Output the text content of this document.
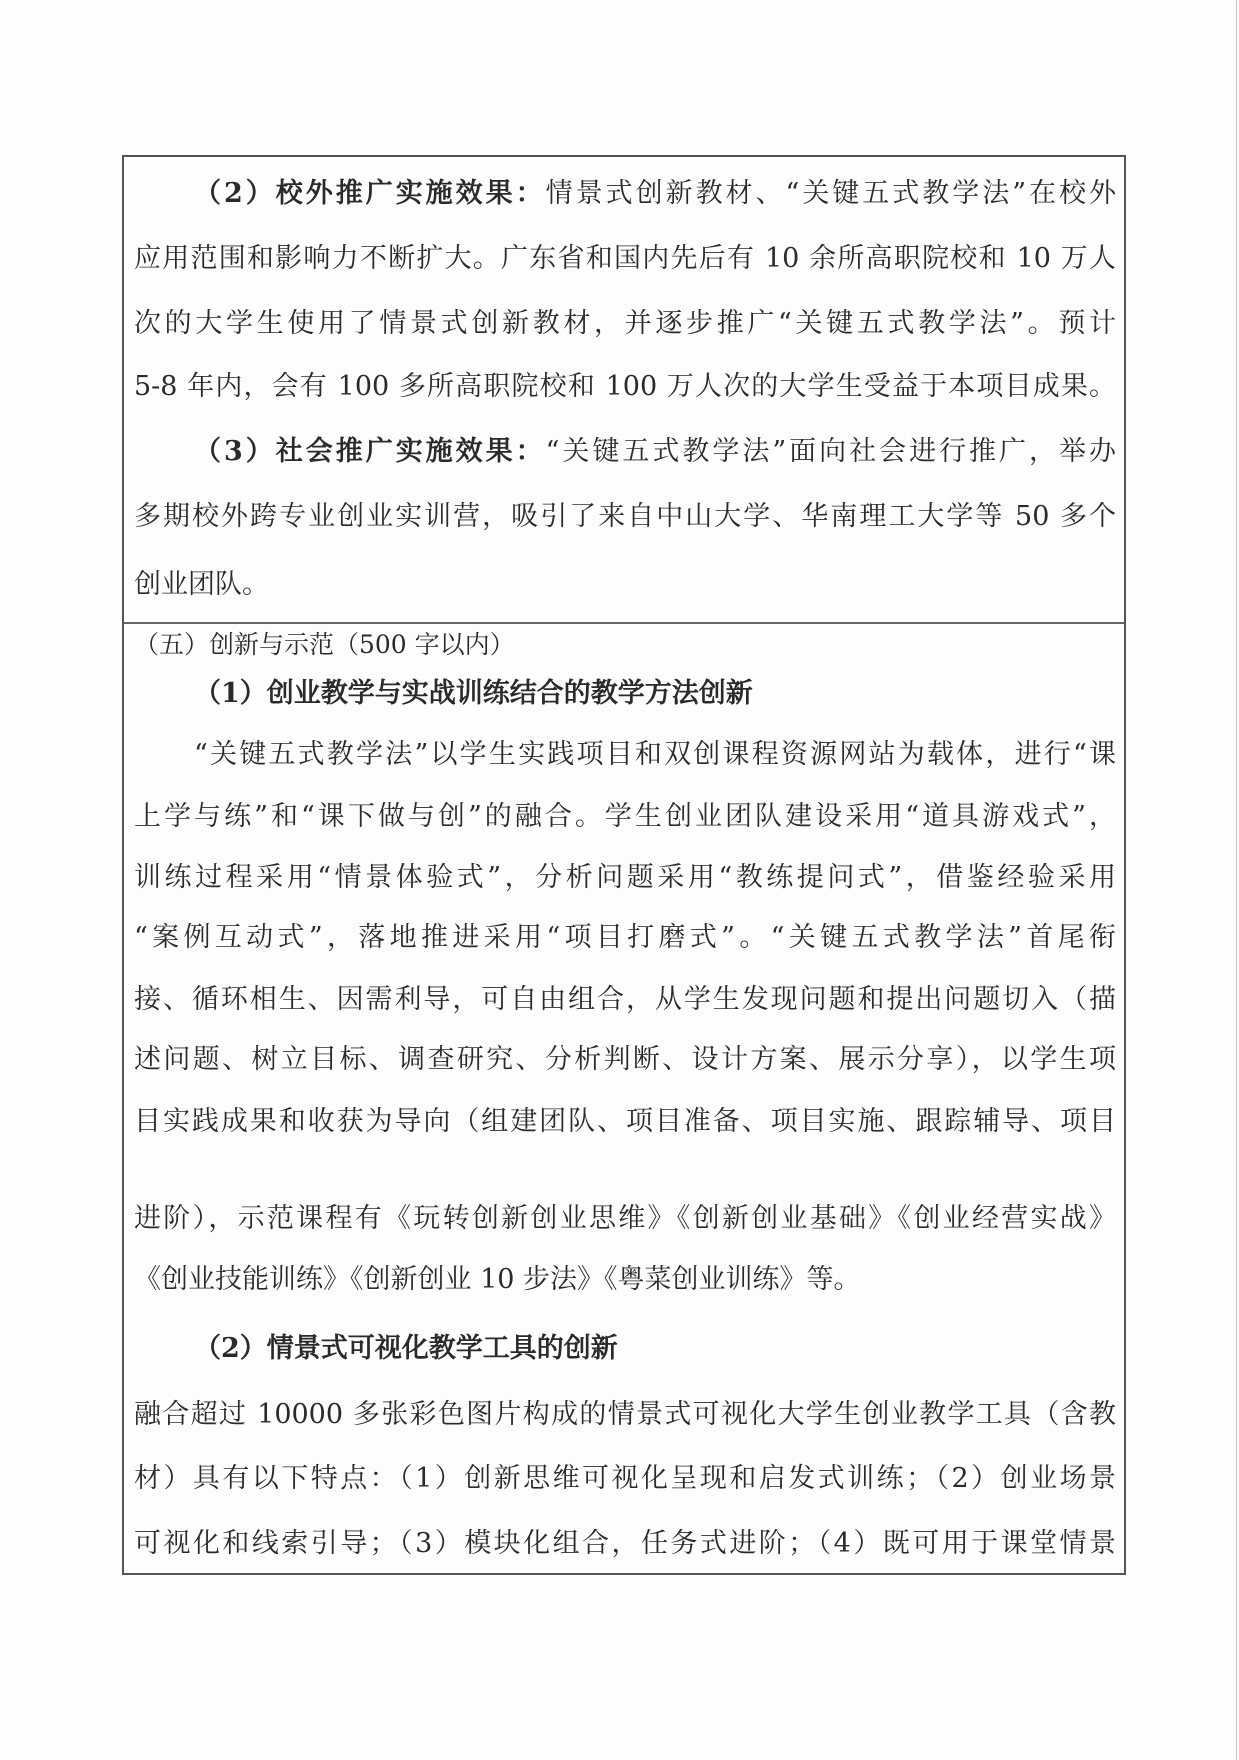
（2）校外推广实施效果：情景式创新教材、“关键五式教学法”在校外
应用范围和影响力不断扩大。广东省和国内先后有 10 余所高职院校和 10 万人
次的大学生使用了情景式创新教材，并逐步推广“关键五式教学法”。预计
5-8 年内，会有 100 多所高职院校和 100 万人次的大学生受益于本项目成果。
（3）社会推广实施效果：“关键五式教学法”面向社会进行推广，举办
多期校外跨专业创业实训营，吸引了来自中山大学、华南理工大学等 50 多个
创业团队。
（五）创新与示范（500 字以内）
（1）创业教学与实战训练结合的教学方法创新
“关键五式教学法”以学生实践项目和双创课程资源网站为载体，进行“课
上学与练”和“课下做与创”的融合。学生创业团队建设采用“道具游戏式”，
训练过程采用“情景体验式”，分析问题采用“教练提问式”，借鉴经验采用
“案例互动式”，落地推进采用“项目打磨式”。“关键五式教学法”首尾衔
接、循环相生、因需利导，可自由组合，从学生发现问题和提出问题切入（描
述问题、树立目标、调查研究、分析判断、设计方案、展示分享），以学生项
目实践成果和收获为导向（组建团队、项目准备、项目实施、跟踪辅导、项目
进阶），示范课程有《玩转创新创业思维》《创新创业基础》《创业经营实战》
《创业技能训练》《创新创业 10 步法》《粤菜创业训练》等。
（2）情景式可视化教学工具的创新
融合超过 10000 多张彩色图片构成的情景式可视化大学生创业教学工具（含教
材）具有以下特点：（1）创新思维可视化呈现和启发式训练；（2）创业场景
可视化和线索引导；（3）模块化组合，任务式进阶；（4）既可用于课堂情景
